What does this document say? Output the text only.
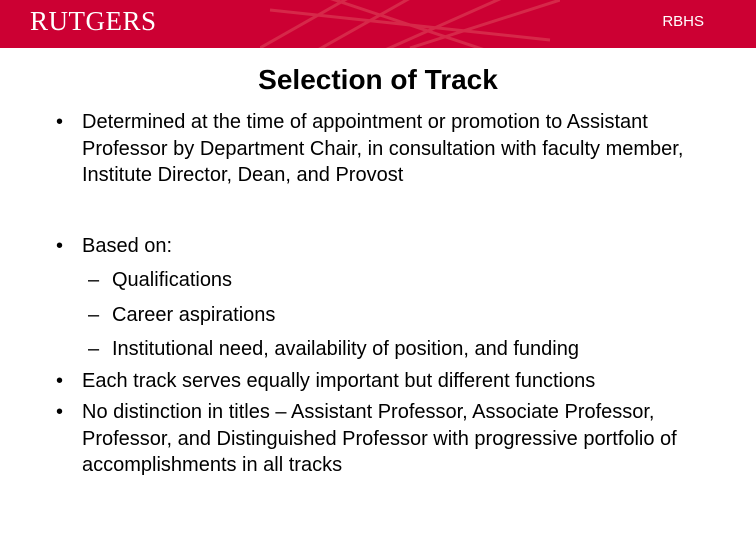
RUTGERS	RBHS
Selection of Track
• Determined at the time of appointment or promotion to Assistant Professor by Department Chair, in consultation with faculty member, Institute Director, Dean, and Provost
• Based on:
– Qualifications
– Career aspirations
– Institutional need, availability of position, and funding
• Each track serves equally important but different functions
• No distinction in titles – Assistant Professor, Associate Professor, Professor, and Distinguished Professor with progressive portfolio of accomplishments in all tracks
